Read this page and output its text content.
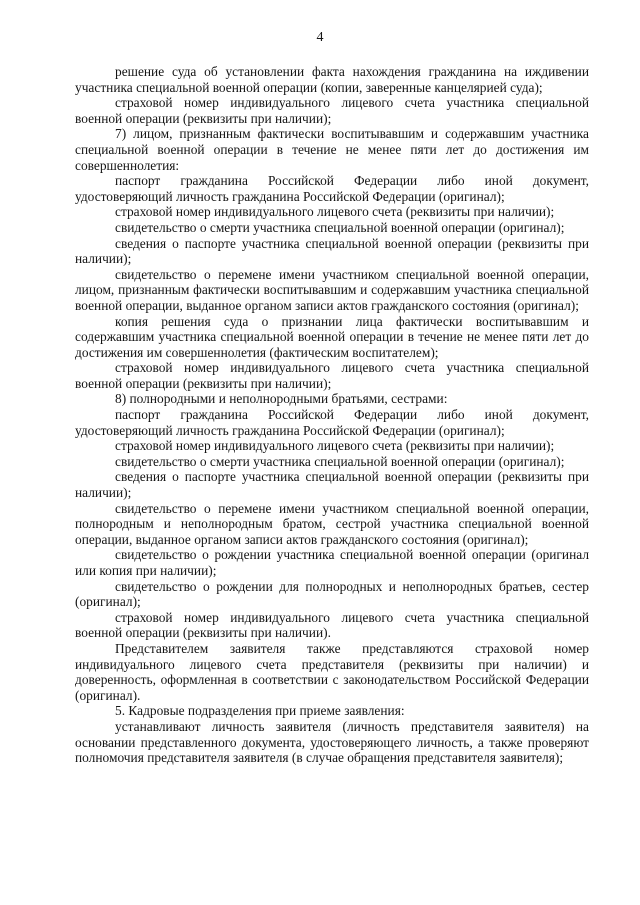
4

решение суда об установлении факта нахождения гражданина на иждивении участника специальной военной операции (копии, заверенные канцелярией суда);

страховой номер индивидуального лицевого счета участника специальной военной операции (реквизиты при наличии);

7) лицом, признанным фактически воспитывавшим и содержавшим участника специальной военной операции в течение не менее пяти лет до достижения им совершеннолетия:

паспорт гражданина Российской Федерации либо иной документ, удостоверяющий личность гражданина Российской Федерации (оригинал);

страховой номер индивидуального лицевого счета (реквизиты при наличии);

свидетельство о смерти участника специальной военной операции (оригинал);

сведения о паспорте участника специальной военной операции (реквизиты при наличии);

свидетельство о перемене имени участником специальной военной операции, лицом, признанным фактически воспитывавшим и содержавшим участника специальной военной операции, выданное органом записи актов гражданского состояния (оригинал);

копия решения суда о признании лица фактически воспитывавшим и содержавшим участника специальной военной операции в течение не менее пяти лет до достижения им совершеннолетия (фактическим воспитателем);

страховой номер индивидуального лицевого счета участника специальной военной операции (реквизиты при наличии);

8) полнородными и неполнородными братьями, сестрами:

паспорт гражданина Российской Федерации либо иной документ, удостоверяющий личность гражданина Российской Федерации (оригинал);

страховой номер индивидуального лицевого счета (реквизиты при наличии);

свидетельство о смерти участника специальной военной операции (оригинал);

сведения о паспорте участника специальной военной операции (реквизиты при наличии);

свидетельство о перемене имени участником специальной военной операции, полнородным и неполнородным братом, сестрой участника специальной военной операции, выданное органом записи актов гражданского состояния (оригинал);

свидетельство о рождении участника специальной военной операции (оригинал или копия при наличии);

свидетельство о рождении для полнородных и неполнородных братьев, сестер (оригинал);

страховой номер индивидуального лицевого счета участника специальной военной операции (реквизиты при наличии).

Представителем заявителя также представляются страховой номер индивидуального лицевого счета представителя (реквизиты при наличии) и доверенность, оформленная в соответствии с законодательством Российской Федерации (оригинал).

5. Кадровые подразделения при приеме заявления:

устанавливают личность заявителя (личность представителя заявителя) на основании представленного документа, удостоверяющего личность, а также проверяют полномочия представителя заявителя (в случае обращения представителя заявителя);
